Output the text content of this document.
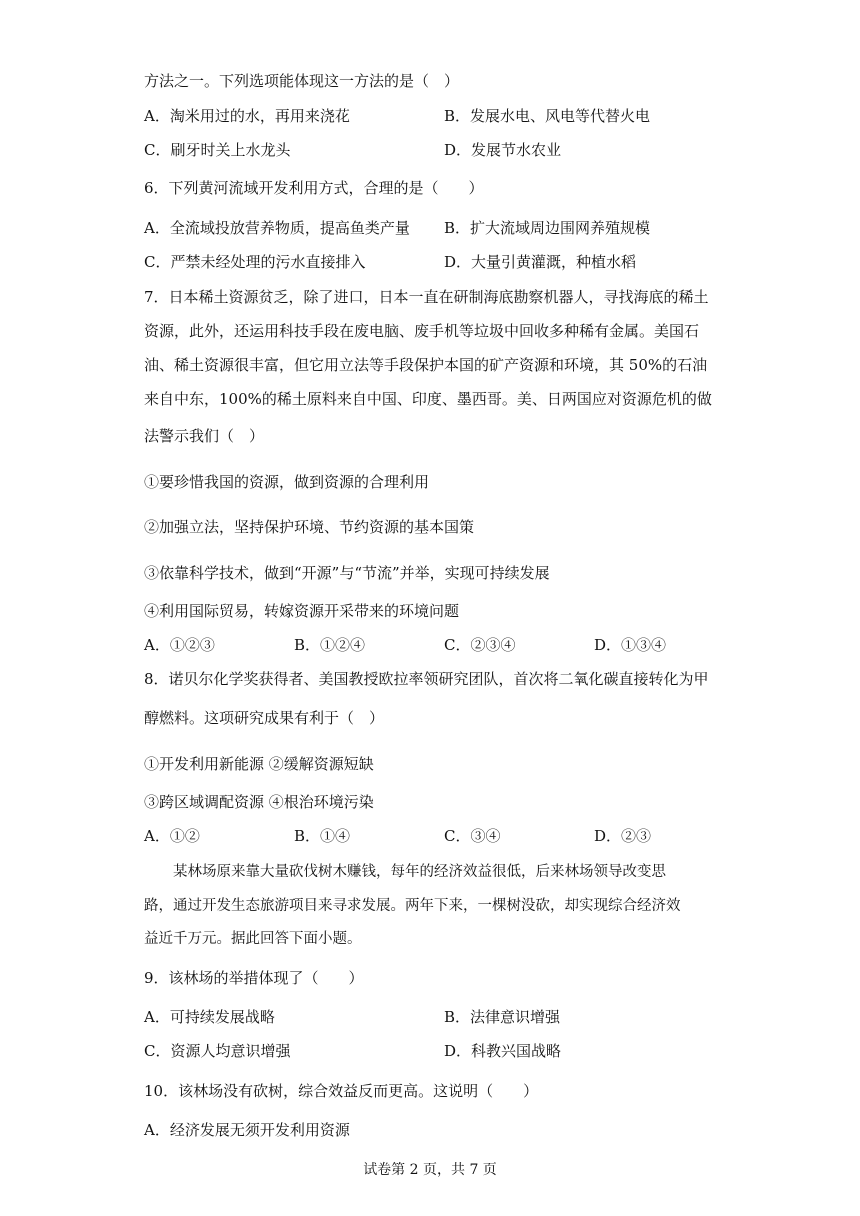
方法之一。下列选项能体现这一方法的是（　）
A．淘米用过的水，再用来浇花	B．发展水电、风电等代替火电
C．刷牙时关上水龙头	D．发展节水农业
6．下列黄河流域开发利用方式，合理的是（　　）
A．全流域投放营养物质，提高鱼类产量 B．扩大流域周边围网养殖规模
C．严禁未经处理的污水直接排入	D．大量引黄灌溉，种植水稻
7．日本稀土资源贫乏，除了进口，日本一直在研制海底勘察机器人，寻找海底的稀土
资源，此外，还运用科技手段在废电脑、废手机等垃圾中回收多种稀有金属。美国石
油、稀土资源很丰富，但它用立法等手段保护本国的矿产资源和环境，其 50%的石油
来自中东，100%的稀土原料来自中国、印度、墨西哥。美、日两国应对资源危机的做
法警示我们（　）
①要珍惜我国的资源，做到资源的合理利用
②加强立法，坚持保护环境、节约资源的基本国策
③依靠科学技术，做到“开源”与“节流”并举，实现可持续发展
④利用国际贸易，转嫁资源开采带来的环境问题
A．①②③	B．①②④	C．②③④	D．①③④
8．诺贝尔化学奖获得者、美国教授欧拉率领研究团队，首次将二氧化碳直接转化为甲
醇燃料。这项研究成果有利于（　）
①开发利用新能源 ②缓解资源短缺
③跨区域调配资源 ④根治环境污染
A．①②	B．①④	C．③④	D．②③
　　某林场原来靠大量砍伐树木赚钱，每年的经济效益很低，后来林场领导改变思
路，通过开发生态旅游项目来寻求发展。两年下来，一棵树没砍，却实现综合经济效
益近千万元。据此回答下面小题。
9．该林场的举措体现了（　　）
A．可持续发展战略	B．法律意识增强
C．资源人均意识增强	D．科教兴国战略
10．该林场没有砍树，综合效益反而更高。这说明（　　）
A．经济发展无须开发利用资源
试卷第 2 页，共 7 页
